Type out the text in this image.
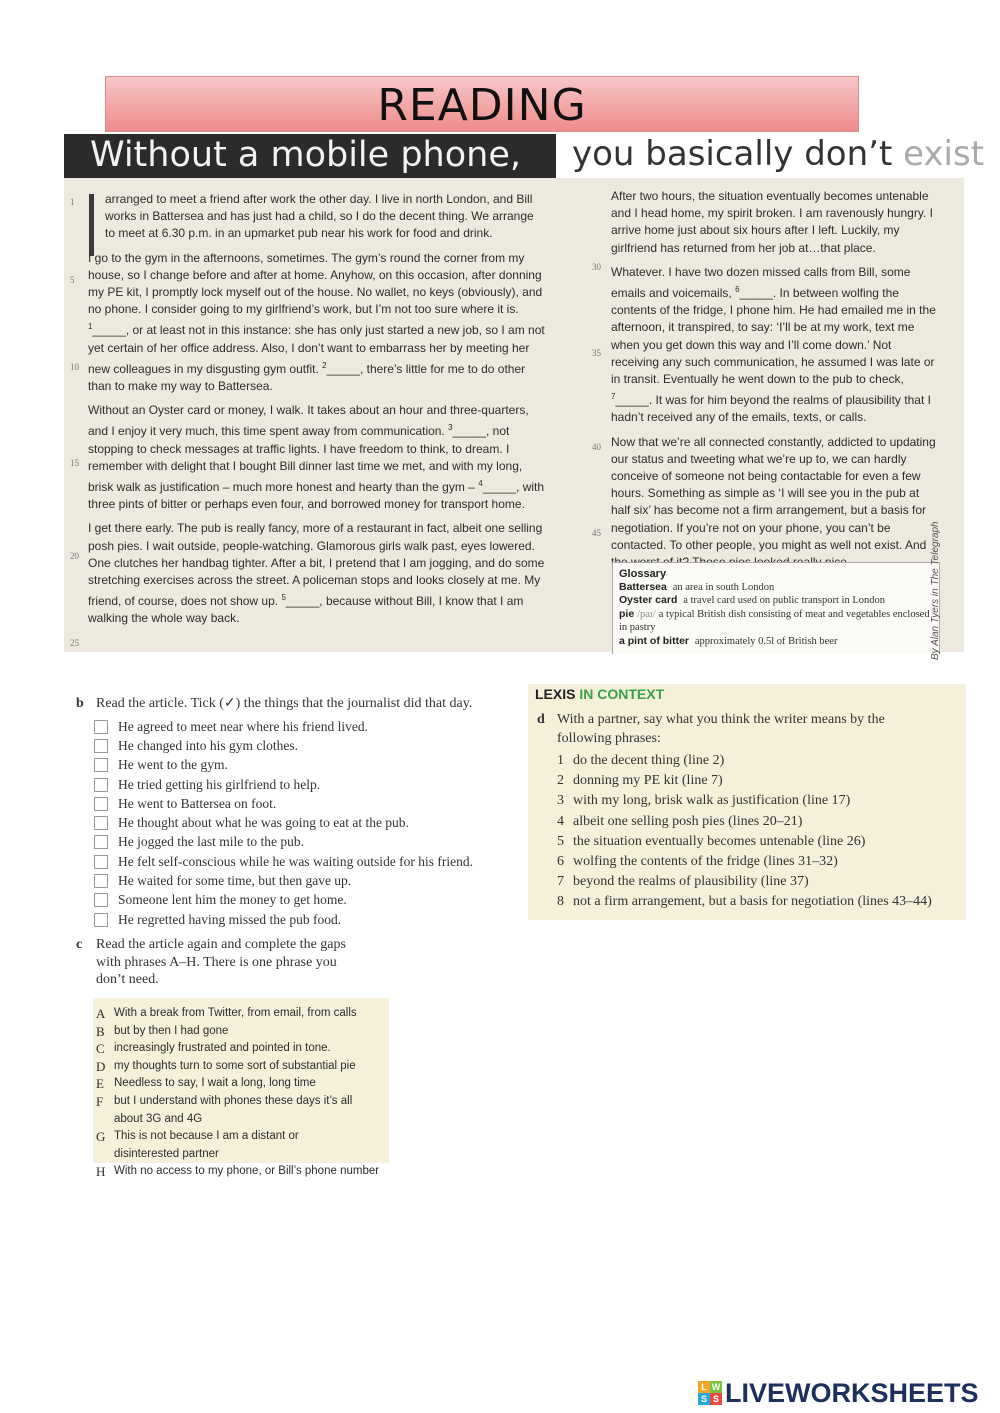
READING
Without a mobile phone,	you basically don’t exist
1
5
10
15
20
25
30
35
40
45

arranged to meet a friend after work the other day. I live in north London, and Bill works in Battersea and has just had a child, so I do the decent thing. We arrange to meet at 6.30 p.m. in an upmarket pub near his work for food and drink.

I go to the gym in the afternoons, sometimes. The gym’s round the corner from my house, so I change before and after at home. Anyhow, on this occasion, after donning my PE kit, I promptly lock myself out of the house. No wallet, no keys (obviously), and no phone. I consider going to my girlfriend’s work, but I’m not too sure where it is. $^1$_____, or at least not in this instance: she has only just started a new job, so I am not yet certain of her office address. Also, I don’t want to embarrass her by meeting her new colleagues in my disgusting gym outfit. $^2$_____, there’s little for me to do other than to make my way to Battersea.

Without an Oyster card or money, I walk. It takes about an hour and three-quarters, and I enjoy it very much, this time spent away from communication. $^3$_____, not stopping to check messages at traffic lights. I have freedom to think, to dream. I remember with delight that I bought Bill dinner last time we met, and with my long, brisk walk as justification – much more honest and hearty than the gym – $^4$_____, with three pints of bitter or perhaps even four, and borrowed money for transport home.

I get there early. The pub is really fancy, more of a restaurant in fact, albeit one selling posh pies. I wait outside, people-watching. Glamorous girls walk past, eyes lowered. One clutches her handbag tighter. After a bit, I pretend that I am jogging, and do some stretching exercises across the street. A policeman stops and looks closely at me. My friend, of course, does not show up. $^5$_____, because without Bill, I know that I am walking the whole way back.

After two hours, the situation eventually becomes untenable and I head home, my spirit broken. I am ravenously hungry. I arrive home just about six hours after I left. Luckily, my girlfriend has returned from her job at…that place.

Whatever. I have two dozen missed calls from Bill, some emails and voicemails, $^6$_____. In between wolfing the contents of the fridge, I phone him. He had emailed me in the afternoon, it transpired, to say: ‘I’ll be at my work, text me when you get down this way and I’ll come down.’ Not receiving any such communication, he assumed I was late or in transit. Eventually he went down to the pub to check, $^7$_____. It was for him beyond the realms of plausibility that I hadn’t received any of the emails, texts, or calls.

Now that we’re all connected constantly, addicted to updating our status and tweeting what we’re up to, we can hardly conceive of someone not being contactable for even a few hours. Something as simple as ‘I will see you in the pub at half six’ has become not a firm arrangement, but a basis for negotiation. If you’re not on your phone, you can’t be contacted. To other people, you might as well not exist. And

Glossary
Battersea an area in south London
Oyster card a travel card used on public transport in London
pie /paɪ/ a typical British dish consisting of meat and vegetables enclosed in pastry
a pint of bitter approximately 0.5l of British beer	By Alan Tyers in The Telegraph
b Read the article. Tick (✓) the things that the journalist did that day.
He agreed to meet near where his friend lived.
He changed into his gym clothes.
He went to the gym.
He tried getting his girlfriend to help.
He went to Battersea on foot.
He thought about what he was going to eat at the pub.
He jogged the last mile to the pub.
He felt self-conscious while he was waiting outside for his friend.
He waited for some time, but then gave up.
Someone lent him the money to get home.
He regretted having missed the pub food.
c Read the article again and complete the gaps
with phrases A–H. There is one phrase you
don’t need.
A With a break from Twitter, from email, from calls
B but by then I had gone
C increasingly frustrated and pointed in tone.
D my thoughts turn to some sort of substantial pie
E Needless to say, I wait a long, long time
F but I understand with phones these days it’s all about 3G and 4G
G This is not because I am a distant or disinterested partner
H With no access to my phone, or Bill’s phone number
LEXIS IN CONTEXT
d With a partner, say what you think the writer means by the
following phrases:
1 do the decent thing (line 2)
2 donning my PE kit (line 7)
3 with my long, brisk walk as justification (line 17)
4 albeit one selling posh pies (lines 20–21)
5 the situation eventually becomes untenable (line 26)
6 wolfing the contents of the fridge (lines 31–32)
7 beyond the realms of plausibility (line 37)
8 not a firm arrangement, but a basis for negotiation (lines 43–44)
L W
S S LIVEWORKSHEETS
